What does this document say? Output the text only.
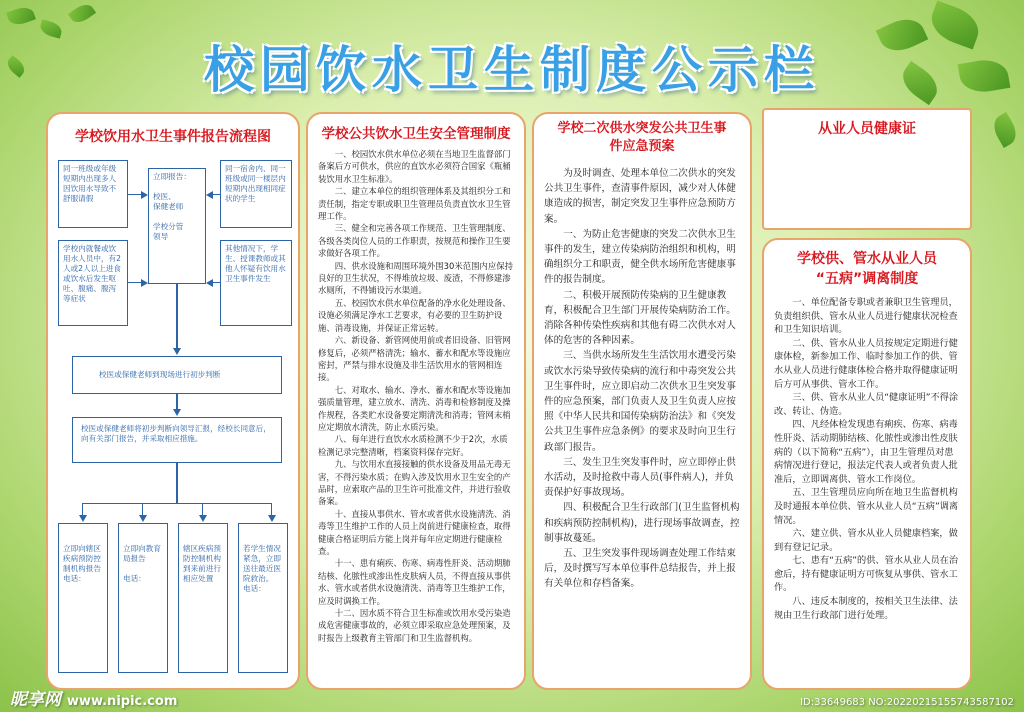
校园饮水卫生制度公示栏
学校饮用水卫生事件报告流程图
同一班级或年级短期内出现多人因饮用水导致不舒服请假
学校内就餐或饮用水人员中，有2人或2人以上进食或饮水后发生呕吐、腹痛、腹泻等症状
立即报告：

校医、
保健老师

学校分管
领导
同一宿舍内、同一班级或同一楼层内短期内出现相同症状的学生
其他情况下，学生、授课教师或其他人怀疑有饮用水卫生事件发生
校医或保健老师到现场进行初步判断
校医或保健老师将初步判断向领导汇报，经校长同意后，向有关部门报告，并采取相应措施。
立即向辖区疾病预防控制机构报告
电话：
立即向教育局报告

电话：
辖区疾病预防控制机构到来前进行相应处置
若学生情况紧急，立即送往最近医院救治。
电话：
学校公共饮水卫生安全管理制度

一、校园饮水供水单位必须在当地卫生监督部门备案后方可供水，供应的直饮水必须符合国家《瓶桶装饮用水卫生标准》。

二、建立本单位的组织管理体系及其组织分工和责任制，指定专职或职卫生管理员负责直饮水卫生管理工作。

三、健全和完善各项工作规范、卫生管理制度、各级各类岗位人员的工作职责，按规范和操作卫生要求做好各项工作。

四、供水设施和周围环境外围30米范围内应保持良好的卫生状况，不得堆放垃圾、废渣，不得修建渗水厕所，不得铺设污水渠道。

五、校园饮水供水单位配备的净水化处理设备、设施必须满足净水工艺要求，有必要的卫生防护设施、消毒设施，并保证正常运转。

六、新设备、新管网使用前或者旧设备、旧管网修复后，必须严格清洗；输水、蓄水和配水等设施应密封，严禁与排水设施及非生活饮用水的管网相连接。

七、对取水、输水、净水、蓄水和配水等设施加强质量管理，建立放水、清洗、消毒和检修制度及操作规程，各类贮水设备要定期清洗和消毒；管网末梢应定期放水清洗，防止水质污染。

八、每年进行直饮水水质检测不少于2次，水质检测记录完整清晰，档案资料保存完好。

九、与饮用水直接接触的供水设备及用品无毒无害，不得污染水质；在购入涉及饮用水卫生安全的产品时，应索取产品的卫生许可批准文件，并进行验收备案。

十、直接从事供水、管水或者供水设施清洗、消毒等卫生维护工作的人员上岗前进行健康检查，取得健康合格证明后方能上岗并每年应定期进行健康检查。

十一、患有痢疾、伤寒、病毒性肝炎、活动期肺结核、化脓性或渗出性皮肤病人员，不得直接从事供水、管水或者供水设施清洗、消毒等卫生维护工作，应及时调换工作。

十二、因水质不符合卫生标准或饮用水受污染造成危害健康事故的，必须立即采取应急处理预案，及时报告上级教育主管部门和卫生监督机构。

学校二次供水突发公共卫生事件应急预案

为及时调查、处理本单位二次供水的突发公共卫生事件，查清事件原因，减少对人体健康造成的损害，制定突发卫生事件应急预防方案。

一、为防止危害健康的突发二次供水卫生事件的发生，建立传染病防治组织和机构，明确组织分工和职责，健全供水场所危害健康事件的报告制度。

二、积极开展预防传染病的卫生健康教育，积极配合卫生部门开展传染病防治工作。消除各种传染性疾病和其他有碍二次供水对人体的危害的各种因素。

三、当供水场所发生生活饮用水遭受污染或饮水污染导致传染病的流行和中毒突发公共卫生事件时，应立即启动二次供水卫生突发事件的应急预案，部门负责人及卫生负责人应按照《中华人民共和国传染病防治法》和《突发公共卫生事件应急条例》的要求及时向卫生行政部门报告。

三、发生卫生突发事件时，应立即停止供水活动，及时抢救中毒人员(事件病人)，并负责保护好事故现场。

四、积极配合卫生行政部门(卫生监督机构和疾病预防控制机构)，进行现场事故调查，控制事故蔓延。

五、卫生突发事件现场调查处理工作结束后，及时撰写写本单位事件总结报告，并上报有关单位和存档备案。

从业人员健康证
学校供、管水从业人员
“五病”调离制度

一、单位配备专职或者兼职卫生管理员，负责组织供、管水从业人员进行健康状况检查和卫生知识培训。

二、供、管水从业人员按规定定期进行健康体检，新参加工作、临时参加工作的供、管水从业人员进行健康体检合格并取得健康证明后方可从事供、管水工作。

三、供、管水从业人员“健康证明”不得涂改、转让、伪造。

四、凡经体检发现患有痢疾、伤寒、病毒性肝炎、活动期肺结核、化脓性或渗出性皮肤病的（以下简称“五病”），由卫生管理员对患病情况进行登记，报法定代表人或者负责人批准后，立即调离供、管水工作岗位。

五、卫生管理员应向所在地卫生监督机构及时通报本单位供、管水从业人员“五病”调离情况。

六、建立供、管水从业人员健康档案，做到有登记记录。

七、患有“五病”的供、管水从业人员在治愈后，持有健康证明方可恢复从事供、管水工作。

八、违反本制度的，按相关卫生法律、法规由卫生行政部门进行处理。

昵享网 www.nipic.com	ID:33649683 NO:20220215155743587102
